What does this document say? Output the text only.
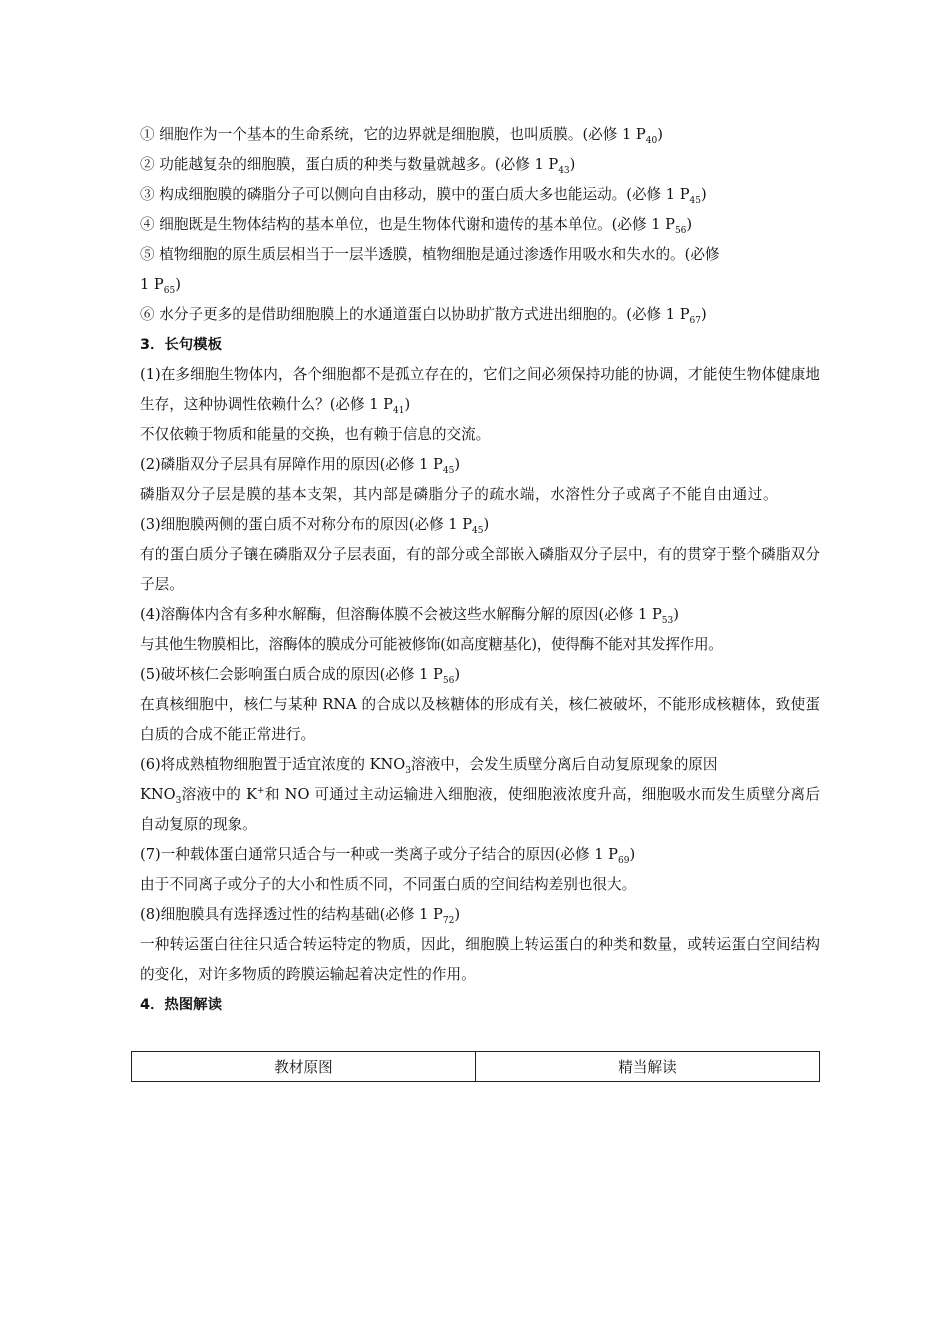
① 细胞作为一个基本的生命系统，它的边界就是细胞膜，也叫质膜。(必修 1 $P_{40}$)
② 功能越复杂的细胞膜，蛋白质的种类与数量就越多。(必修 1 $P_{43}$)
③ 构成细胞膜的磷脂分子可以侧向自由移动，膜中的蛋白质大多也能运动。(必修 1 $P_{45}$)
④ 细胞既是生物体结构的基本单位，也是生物体代谢和遗传的基本单位。(必修 1 $P_{56}$)
⑤ 植物细胞的原生质层相当于一层半透膜，植物细胞是通过渗透作用吸水和失水的。(必修
1 $P_{65}$)
⑥ 水分子更多的是借助细胞膜上的水通道蛋白以协助扩散方式进出细胞的。(必修 1 $P_{67}$)
3．长句模板
(1)在多细胞生物体内，各个细胞都不是孤立存在的，它们之间必须保持功能的协调，才能使生物体健康地生存，这种协调性依赖什么？(必修 1 $P_{41}$)
不仅依赖于物质和能量的交换，也有赖于信息的交流。
(2)磷脂双分子层具有屏障作用的原因(必修 1 $P_{45}$)
磷脂双分子层是膜的基本支架，其内部是磷脂分子的疏水端，水溶性分子或离子不能自由通过。
(3)细胞膜两侧的蛋白质不对称分布的原因(必修 1 $P_{45}$)
有的蛋白质分子镶在磷脂双分子层表面，有的部分或全部嵌入磷脂双分子层中，有的贯穿于整个磷脂双分子层。
(4)溶酶体内含有多种水解酶，但溶酶体膜不会被这些水解酶分解的原因(必修 1 $P_{53}$)
与其他生物膜相比，溶酶体的膜成分可能被修饰(如高度糖基化)，使得酶不能对其发挥作用。
(5)破坏核仁会影响蛋白质合成的原因(必修 1 $P_{56}$)
在真核细胞中，核仁与某种 RNA 的合成以及核糖体的形成有关，核仁被破坏，不能形成核糖体，致使蛋白质的合成不能正常进行。
(6)将成熟植物细胞置于适宜浓度的 $KNO_3$溶液中，会发生质壁分离后自动复原现象的原因
$KNO_3$溶液中的 K+和 NO 可通过主动运输进入细胞液，使细胞液浓度升高，细胞吸水而发生质壁分离后自动复原的现象。
(7)一种载体蛋白通常只适合与一种或一类离子或分子结合的原因(必修 1 $P_{69}$)
由于不同离子或分子的大小和性质不同，不同蛋白质的空间结构差别也很大。
(8)细胞膜具有选择透过性的结构基础(必修 1 $P_{72}$)
一种转运蛋白往往只适合转运特定的物质，因此，细胞膜上转运蛋白的种类和数量，或转运蛋白空间结构的变化，对许多物质的跨膜运输起着决定性的作用。
4．热图解读
教材原图	精当解读
